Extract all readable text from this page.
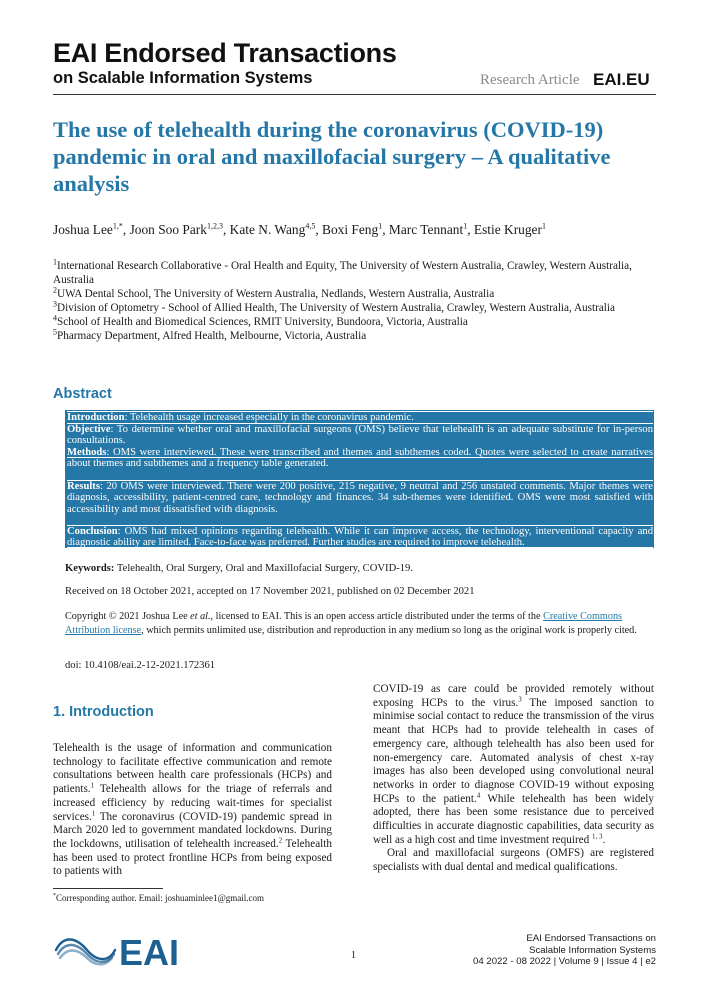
EAI Endorsed Transactions
on Scalable Information Systems	Research Article EAI.EU
The use of telehealth during the coronavirus (COVID-19) pandemic in oral and maxillofacial surgery – A qualitative analysis
Joshua Lee$^{1,*}$, Joon Soo Park$^{1,2,3}$, Kate N. Wang$^{4,5}$, Boxi Feng$^1$, Marc Tennant$^1$, Estie Kruger$^1$

$^1$International Research Collaborative - Oral Health and Equity, The University of Western Australia, Crawley, Western Australia, Australia

$^2$UWA Dental School, The University of Western Australia, Nedlands, Western Australia, Australia

$^3$Division of Optometry - School of Allied Health, The University of Western Australia, Crawley, Western Australia, Australia

$^4$School of Health and Biomedical Sciences, RMIT University, Bundoora, Victoria, Australia

$^5$Pharmacy Department, Alfred Health, Melbourne, Victoria, Australia

Abstract

Introduction: Telehealth usage increased especially in the coronavirus pandemic.

Objective: To determine whether oral and maxillofacial surgeons (OMS) believe that telehealth is an adequate substitute for in-person consultations.

Methods: OMS were interviewed. These were transcribed and themes and subthemes coded. Quotes were selected to create narratives about themes and subthemes and a frequency table generated.

Results: 20 OMS were interviewed. There were 200 positive, 215 negative, 9 neutral and 256 unstated comments. Major themes were diagnosis, accessibility, patient-centred care, technology and finances. 34 sub-themes were identified. OMS were most satisfied with accessibility and most dissatisfied with diagnosis.

Conclusion: OMS had mixed opinions regarding telehealth. While it can improve access, the technology, interventional capacity and diagnostic ability are limited. Face-to-face was preferred. Further studies are required to improve telehealth.

Keywords: Telehealth, Oral Surgery, Oral and Maxillofacial Surgery, COVID-19.
Received on 18 October 2021, accepted on 17 November 2021, published on 02 December 2021
Copyright © 2021 Joshua Lee et al., licensed to EAI. This is an open access article distributed under the terms of the Creative Commons Attribution license, which permits unlimited use, distribution and reproduction in any medium so long as the original work is properly cited.
doi: 10.4108/eai.2-12-2021.172361
1. Introduction

Telehealth is the usage of information and communication technology to facilitate effective communication and remote consultations between health care professionals (HCPs) and patients.$^1$ Telehealth allows for the triage of referrals and increased efficiency by reducing wait-times for specialist services.$^1$ The coronavirus (COVID-19) pandemic spread in March 2020 led to government mandated lockdowns. During the lockdowns, utilisation of telehealth increased.$^2$ Telehealth has been used to protect frontline HCPs from being exposed to patients with

COVID-19 as care could be provided remotely without exposing HCPs to the virus.$^3$ The imposed sanction to minimise social contact to reduce the transmission of the virus meant that HCPs had to provide telehealth in cases of emergency care, although telehealth has also been used for non-emergency care. Automated analysis of chest x-ray images has also been developed using convolutional neural networks in order to diagnose COVID-19 without exposing HCPs to the patient.$^4$ While telehealth has been widely adopted, there has been some resistance due to perceived difficulties in accurate diagnostic capabilities, data security as well as a high cost and time investment required $^{1, 3}$.

Oral and maxillofacial surgeons (OMFS) are registered specialists with dual dental and medical qualifications.

*Corresponding author. Email: joshuaminlee1@gmail.com
EAI	1
EAI Endorsed Transactions on
Scalable Information Systems
04 2022 - 08 2022 | Volume 9 | Issue 4 | e2
